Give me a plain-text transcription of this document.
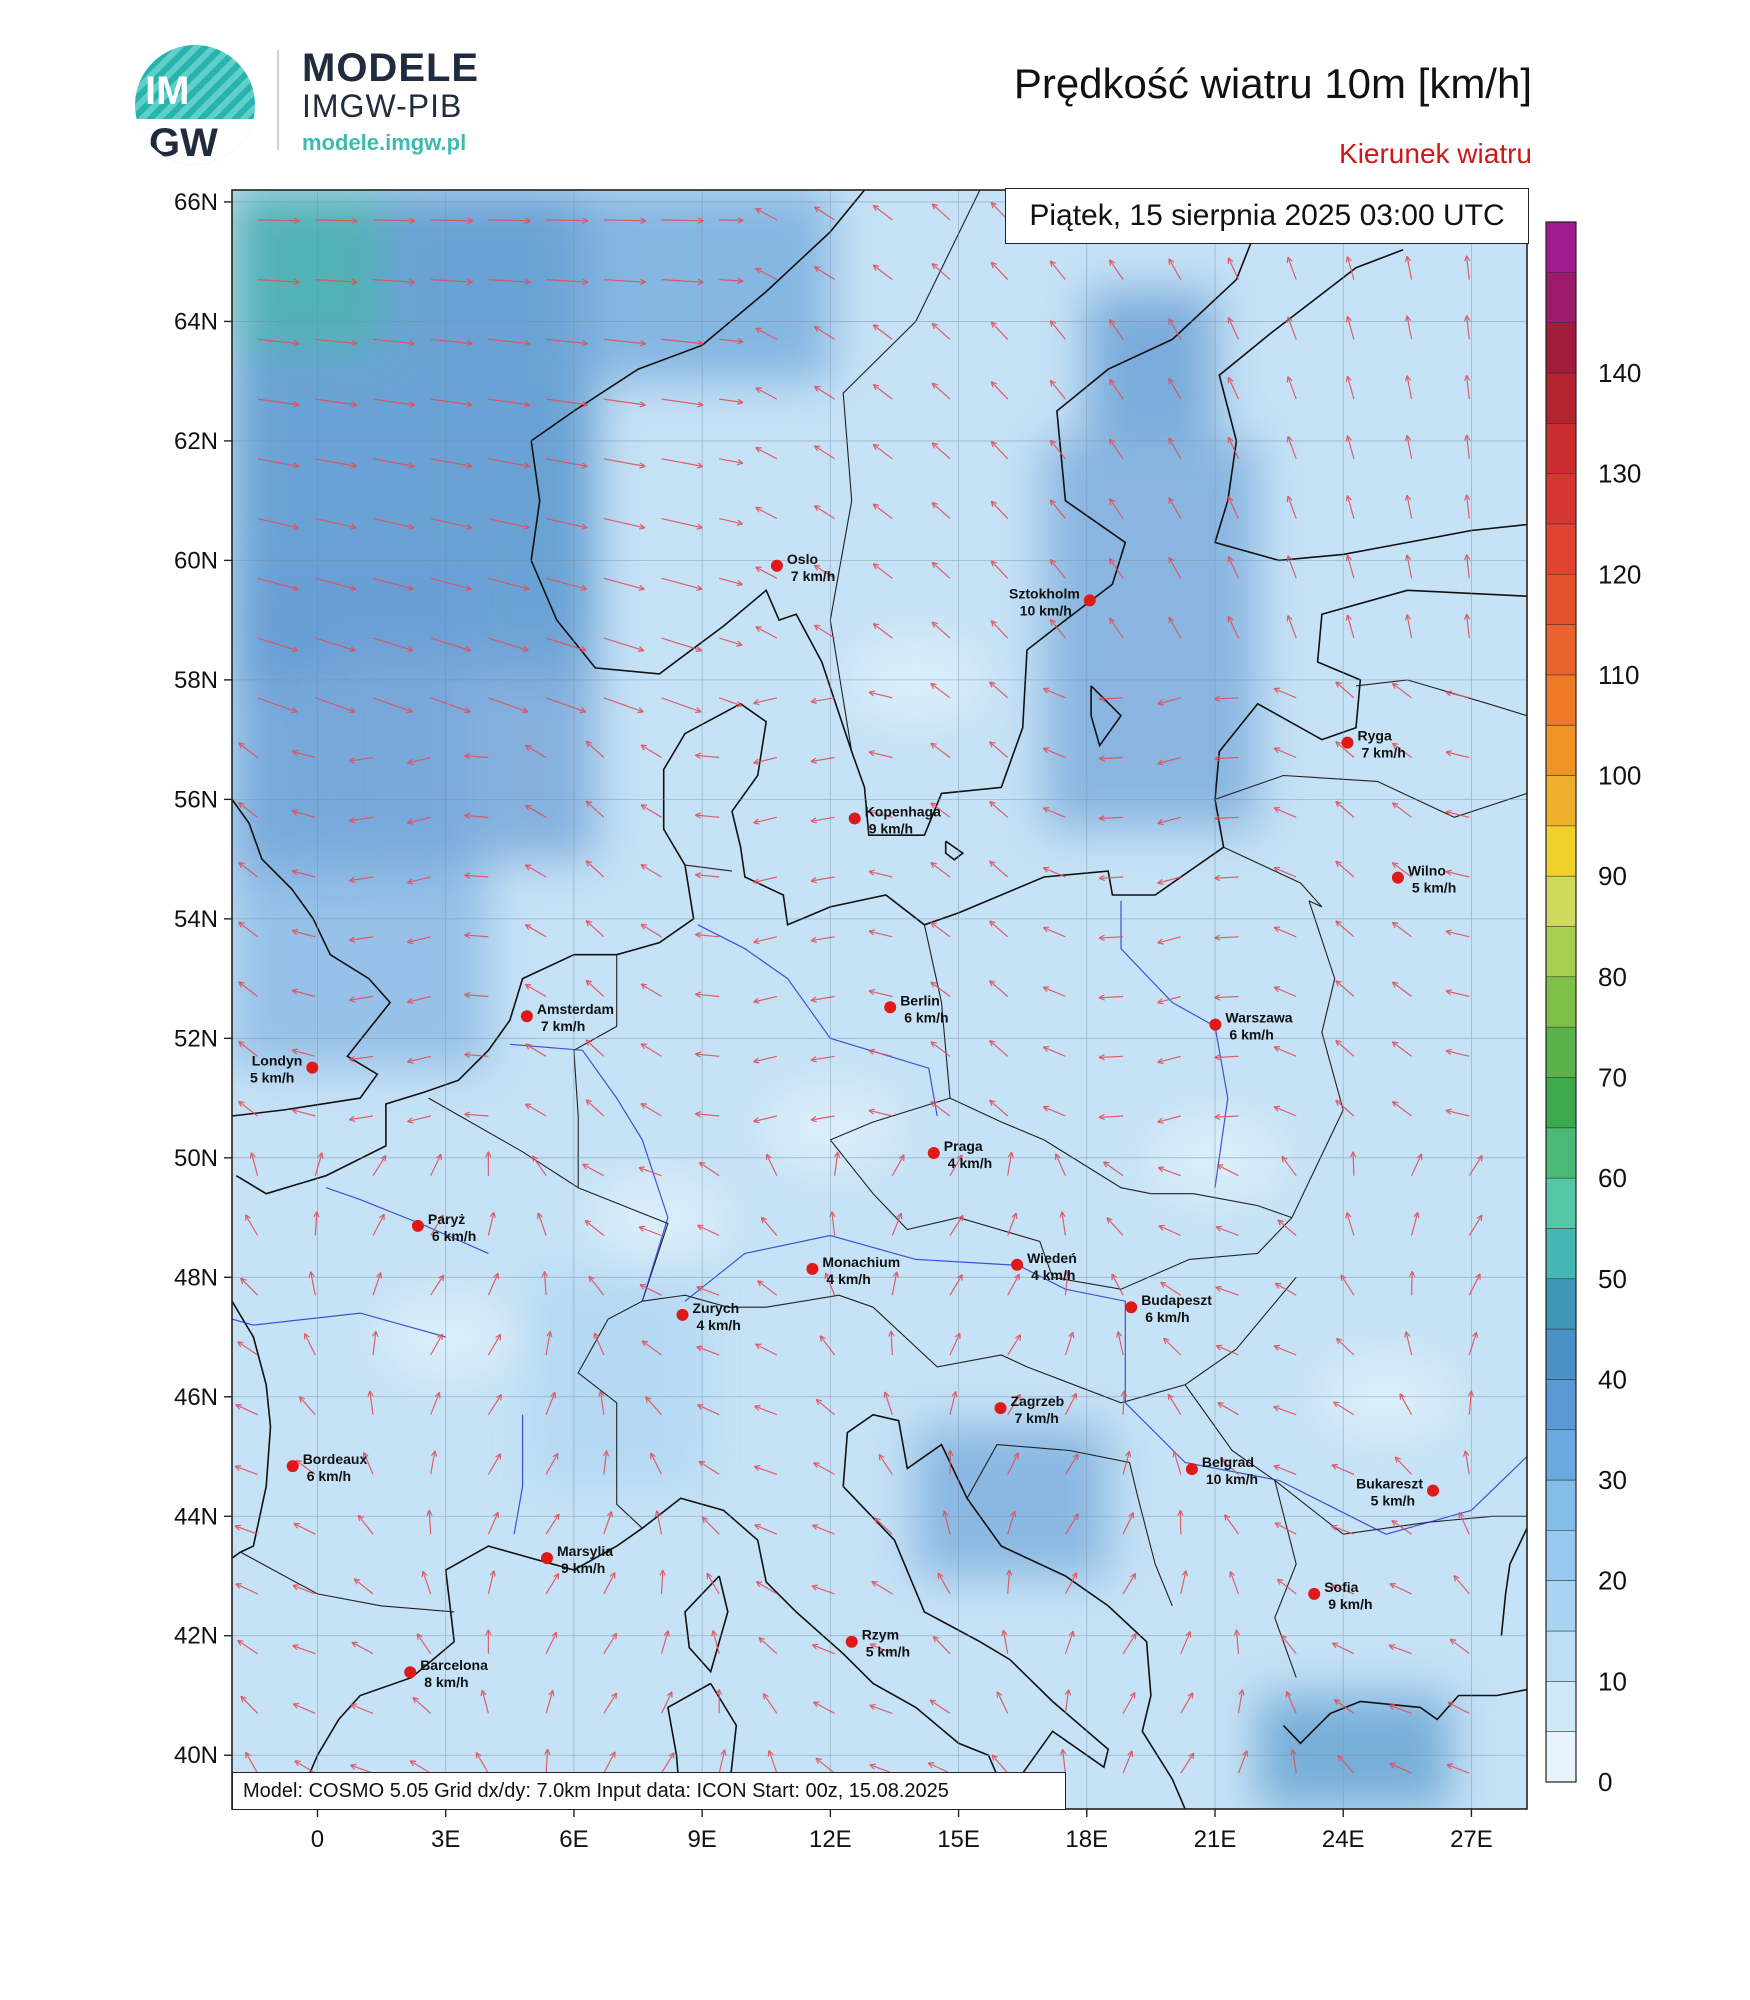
IM
GW
MODELE
IMGW-PIB
modele.imgw.pl
Prędkość wiatru 10m [km/h]
Kierunek wiatru
Oslo
7 km/h
Sztokholm
10 km/h
Ryga
7 km/h
Kopenhaga
9 km/h
Wilno
5 km/h
Amsterdam
7 km/h
Berlin
6 km/h	Warszawa
6 km/h
Londyn
5 km/h
Praga
4 km/h
Paryż
6 km/h
Monachium
4 km/h
Wiedeń
4 km/h
Zurych
4 km/h
Budapeszt
6 km/h
Zagrzeb
7 km/h
Bordeaux
6 km/h
Belgrad
10 km/h	Bukareszt
5 km/h
Marsylia
9 km/h
Sofia
9 km/h
Rzym
5 km/h
Barcelona
8 km/h
0	3E	6E	9E	12E	15E	18E	21E	24E	27E
40N
42N
44N
46N
48N
50N
52N
54N
56N
58N
60N
62N
64N
66N
0
10
20
30
40
50
60
70
80
90
100
110
120
130
140
Piątek, 15 sierpnia 2025 03:00 UTC
Model: COSMO 5.05 Grid dx/dy: 7.0km Input data: ICON Start: 00z, 15.08.2025
